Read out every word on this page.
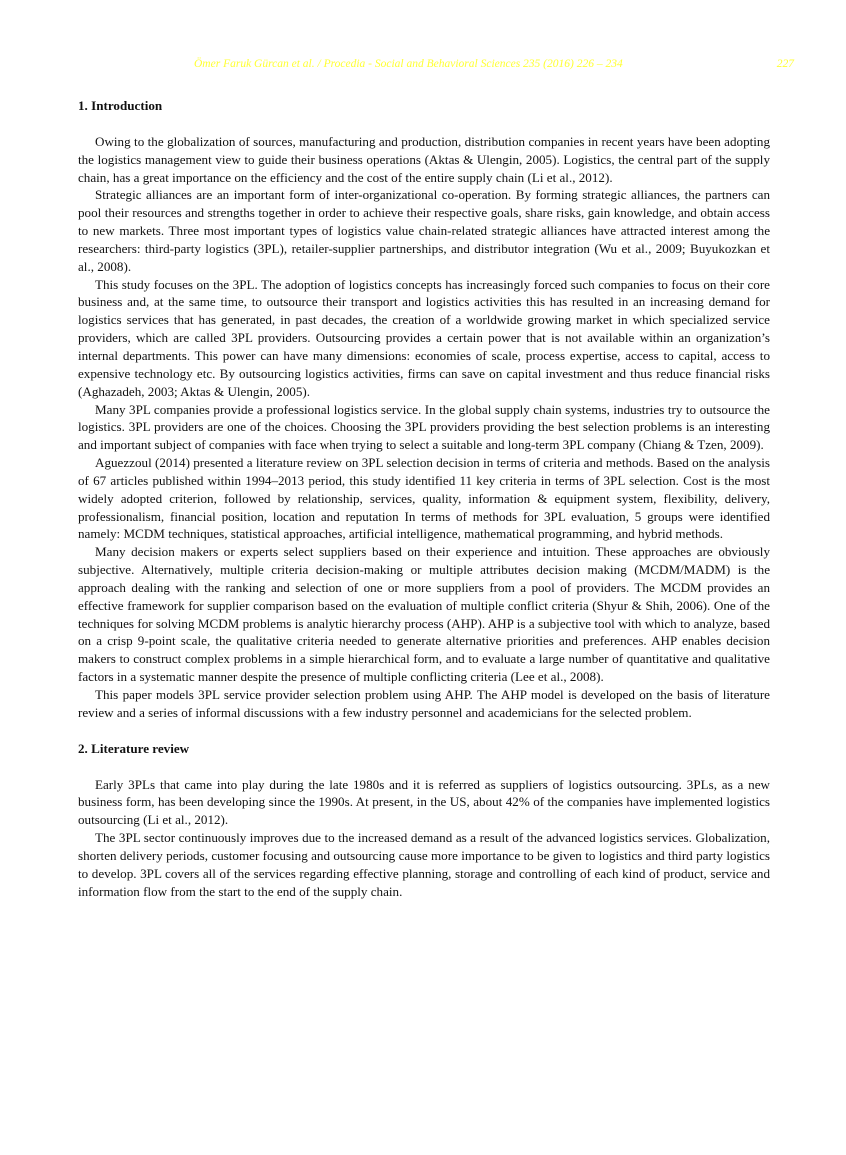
Ömer Faruk Gürcan et al. / Procedia - Social and Behavioral Sciences 235 (2016) 226 – 234	227
1. Introduction

Owing to the globalization of sources, manufacturing and production, distribution companies in recent years have been adopting the logistics management view to guide their business operations (Aktas & Ulengin, 2005). Logistics, the central part of the supply chain, has a great importance on the efficiency and the cost of the entire supply chain (Li et al., 2012).

Strategic alliances are an important form of inter-organizational co-operation. By forming strategic alliances, the partners can pool their resources and strengths together in order to achieve their respective goals, share risks, gain knowledge, and obtain access to new markets. Three most important types of logistics value chain-related strategic alliances have attracted interest among the researchers: third-party logistics (3PL), retailer-supplier partnerships, and distributor integration (Wu et al., 2009; Buyukozkan et al., 2008).

This study focuses on the 3PL. The adoption of logistics concepts has increasingly forced such companies to focus on their core business and, at the same time, to outsource their transport and logistics activities this has resulted in an increasing demand for logistics services that has generated, in past decades, the creation of a worldwide growing market in which specialized service providers, which are called 3PL providers. Outsourcing provides a certain power that is not available within an organization’s internal departments. This power can have many dimensions: economies of scale, process expertise, access to capital, access to expensive technology etc. By outsourcing logistics activities, firms can save on capital investment and thus reduce financial risks (Aghazadeh, 2003; Aktas & Ulengin, 2005).

Many 3PL companies provide a professional logistics service. In the global supply chain systems, industries try to outsource the logistics. 3PL providers are one of the choices. Choosing the 3PL providers providing the best selection problems is an interesting and important subject of companies with face when trying to select a suitable and long-term 3PL company (Chiang & Tzen, 2009).

Aguezzoul (2014) presented a literature review on 3PL selection decision in terms of criteria and methods. Based on the analysis of 67 articles published within 1994–2013 period, this study identified 11 key criteria in terms of 3PL selection. Cost is the most widely adopted criterion, followed by relationship, services, quality, information & equipment system, flexibility, delivery, professionalism, financial position, location and reputation In terms of methods for 3PL evaluation, 5 groups were identified namely: MCDM techniques, statistical approaches, artificial intelligence, mathematical programming, and hybrid methods.

Many decision makers or experts select suppliers based on their experience and intuition. These approaches are obviously subjective. Alternatively, multiple criteria decision-making or multiple attributes decision making (MCDM/MADM) is the approach dealing with the ranking and selection of one or more suppliers from a pool of providers. The MCDM provides an effective framework for supplier comparison based on the evaluation of multiple conflict criteria (Shyur & Shih, 2006). One of the techniques for solving MCDM problems is analytic hierarchy process (AHP). AHP is a subjective tool with which to analyze, based on a crisp 9-point scale, the qualitative criteria needed to generate alternative priorities and preferences. AHP enables decision makers to construct complex problems in a simple hierarchical form, and to evaluate a large number of quantitative and qualitative factors in a systematic manner despite the presence of multiple conflicting criteria (Lee et al., 2008).

This paper models 3PL service provider selection problem using AHP. The AHP model is developed on the basis of literature review and a series of informal discussions with a few industry personnel and academicians for the selected problem.

2. Literature review

Early 3PLs that came into play during the late 1980s and it is referred as suppliers of logistics outsourcing. 3PLs, as a new business form, has been developing since the 1990s. At present, in the US, about 42% of the companies have implemented logistics outsourcing (Li et al., 2012).

The 3PL sector continuously improves due to the increased demand as a result of the advanced logistics services. Globalization, shorten delivery periods, customer focusing and outsourcing cause more importance to be given to logistics and third party logistics to develop. 3PL covers all of the services regarding effective planning, storage and controlling of each kind of product, service and information flow from the start to the end of the supply chain.
